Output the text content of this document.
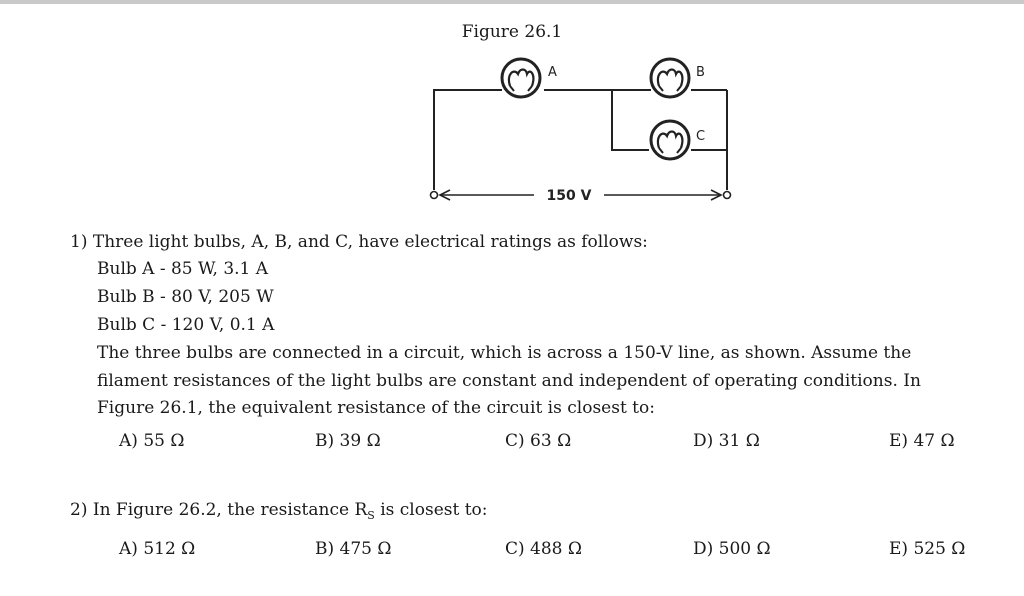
Figure 26.1
A	B
C
150 V
1) Three light bulbs, A, B, and C, have electrical ratings as follows:
Bulb A - 85 W, 3.1 A
Bulb B - 80 V, 205 W
Bulb C - 120 V, 0.1 A
The three bulbs are connected in a circuit, which is across a 150-V line, as shown. Assume the
filament resistances of the light bulbs are constant and independent of operating conditions. In
Figure 26.1, the equivalent resistance of the circuit is closest to:
A) 55 Ω	B) 39 Ω	C) 63 Ω	D) 31 Ω	E) 47 Ω
2) In Figure 26.2, the resistance $R_S$ is closest to:
A) 512 Ω	B) 475 Ω	C) 488 Ω	D) 500 Ω	E) 525 Ω
